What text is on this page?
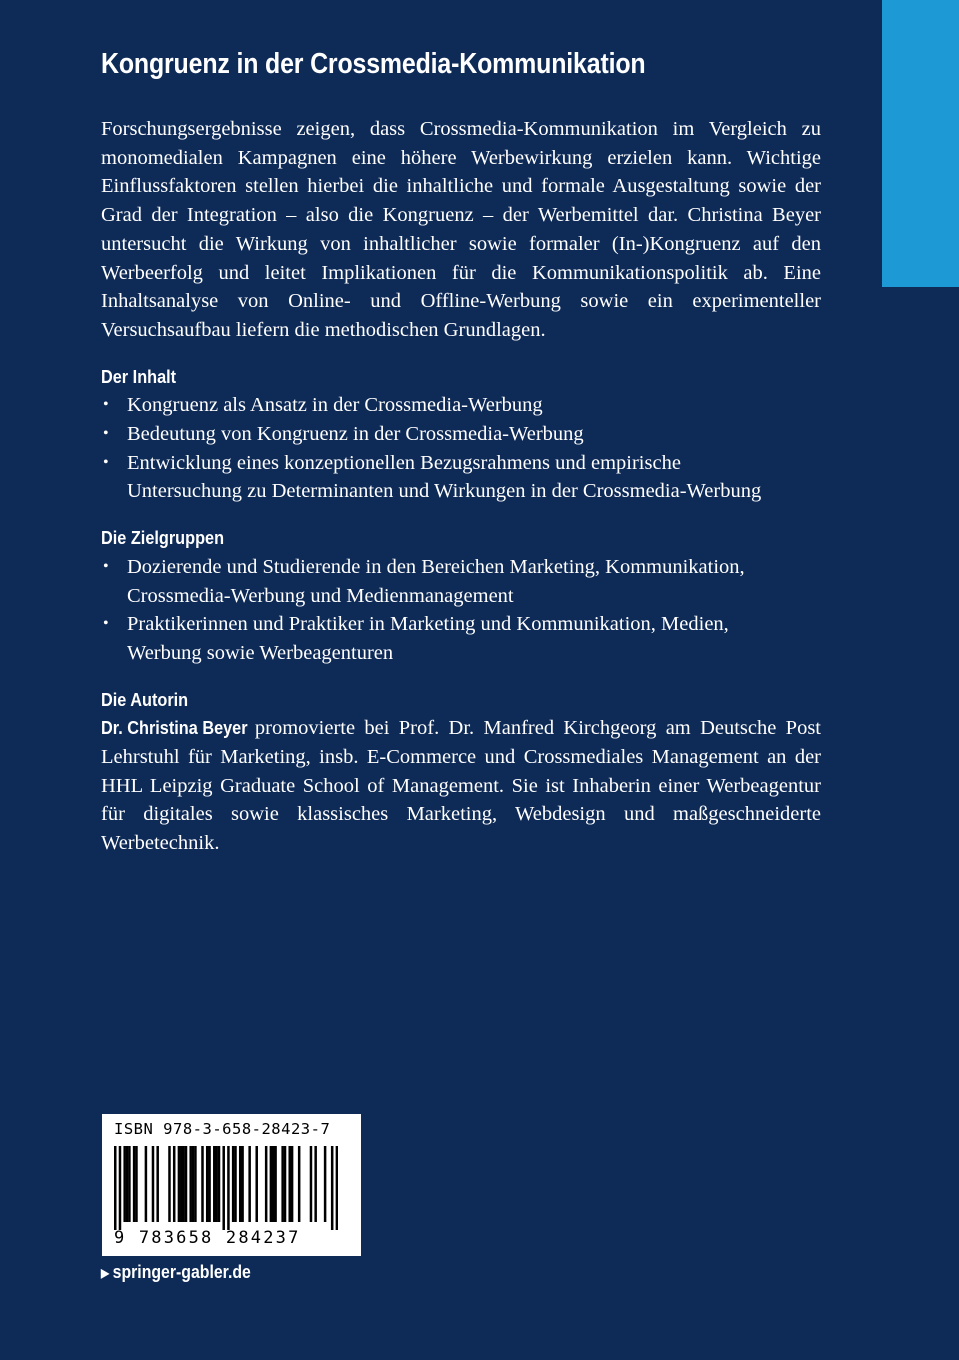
Kongruenz in der Crossmedia-Kommunikation

Forschungsergebnisse zeigen, dass Crossmedia-Kommunikation im Vergleich zu monomedialen Kampagnen eine höhere Werbewirkung erzielen kann. Wichtige Einflussfaktoren stellen hierbei die inhaltliche und formale Ausgestaltung sowie der Grad der Integration – also die Kongruenz – der Werbemittel dar. Christina Beyer untersucht die Wirkung von inhaltlicher sowie formaler (In-)Kongruenz auf den Werbeerfolg und leitet Implikationen für die Kommunikationspolitik ab. Eine Inhaltsanalyse von Online- und Offline-Werbung sowie ein experimenteller Versuchsaufbau liefern die methodischen Grundlagen.

Der Inhalt
• Kongruenz als Ansatz in der Crossmedia-Werbung
• Bedeutung von Kongruenz in der Crossmedia-Werbung
• Entwicklung eines konzeptionellen Bezugsrahmens und empirische Untersuchung zu Determinanten und Wirkungen in der Crossmedia-Werbung
Die Zielgruppen
• Dozierende und Studierende in den Bereichen Marketing, Kommunikation, Crossmedia-Werbung und Medienmanagement
• Praktikerinnen und Praktiker in Marketing und Kommunikation, Medien, Werbung sowie Werbeagenturen
Die Autorin

Dr. Christina Beyer promovierte bei Prof. Dr. Manfred Kirchgeorg am Deutsche Post Lehrstuhl für Marketing, insb. E-Commerce und Crossmediales Management an der HHL Leipzig Graduate School of Management. Sie ist Inhaberin einer Werbeagentur für digitales sowie klassisches Marketing, Webdesign und maßgeschneiderte Werbetechnik.

ISBN 978-3-658-28423-7
9 783658 284237
▶ springer-gabler.de
